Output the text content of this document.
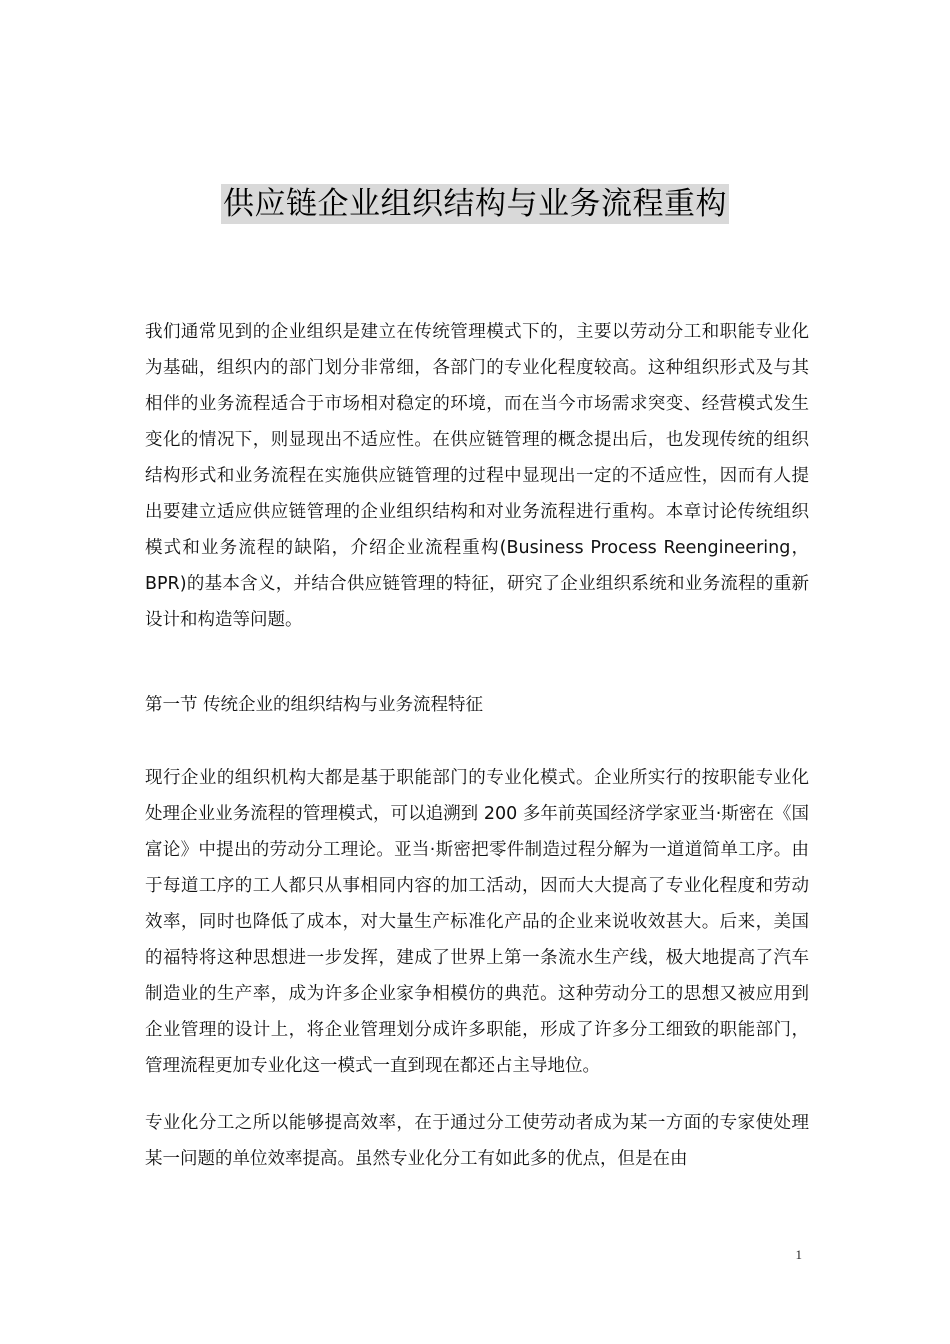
供应链企业组织结构与业务流程重构

我们通常见到的企业组织是建立在传统管理模式下的，主要以劳动分工和职能专业化为基础，组织内的部门划分非常细，各部门的专业化程度较高。这种组织形式及与其相伴的业务流程适合于市场相对稳定的环境，而在当今市场需求突变、经营模式发生变化的情况下，则显现出不适应性。在供应链管理的概念提出后，也发现传统的组织结构形式和业务流程在实施供应链管理的过程中显现出一定的不适应性，因而有人提出要建立适应供应链管理的企业组织结构和对业务流程进行重构。本章讨论传统组织模式和业务流程的缺陷，介绍企业流程重构(Business Process Reengineering，BPR)的基本含义，并结合供应链管理的特征，研究了企业组织系统和业务流程的重新设计和构造等问题。

第一节 传统企业的组织结构与业务流程特征

现行企业的组织机构大都是基于职能部门的专业化模式。企业所实行的按职能专业化处理企业业务流程的管理模式，可以追溯到 200 多年前英国经济学家亚当·斯密在《国富论》中提出的劳动分工理论。亚当·斯密把零件制造过程分解为一道道简单工序。由于每道工序的工人都只从事相同内容的加工活动，因而大大提高了专业化程度和劳动效率，同时也降低了成本，对大量生产标准化产品的企业来说收效甚大。后来，美国的福特将这种思想进一步发挥，建成了世界上第一条流水生产线，极大地提高了汽车制造业的生产率，成为许多企业家争相模仿的典范。这种劳动分工的思想又被应用到企业管理的设计上，将企业管理划分成许多职能，形成了许多分工细致的职能部门，管理流程更加专业化这一模式一直到现在都还占主导地位。

专业化分工之所以能够提高效率，在于通过分工使劳动者成为某一方面的专家使处理某一问题的单位效率提高。虽然专业化分工有如此多的优点，但是在由

1
